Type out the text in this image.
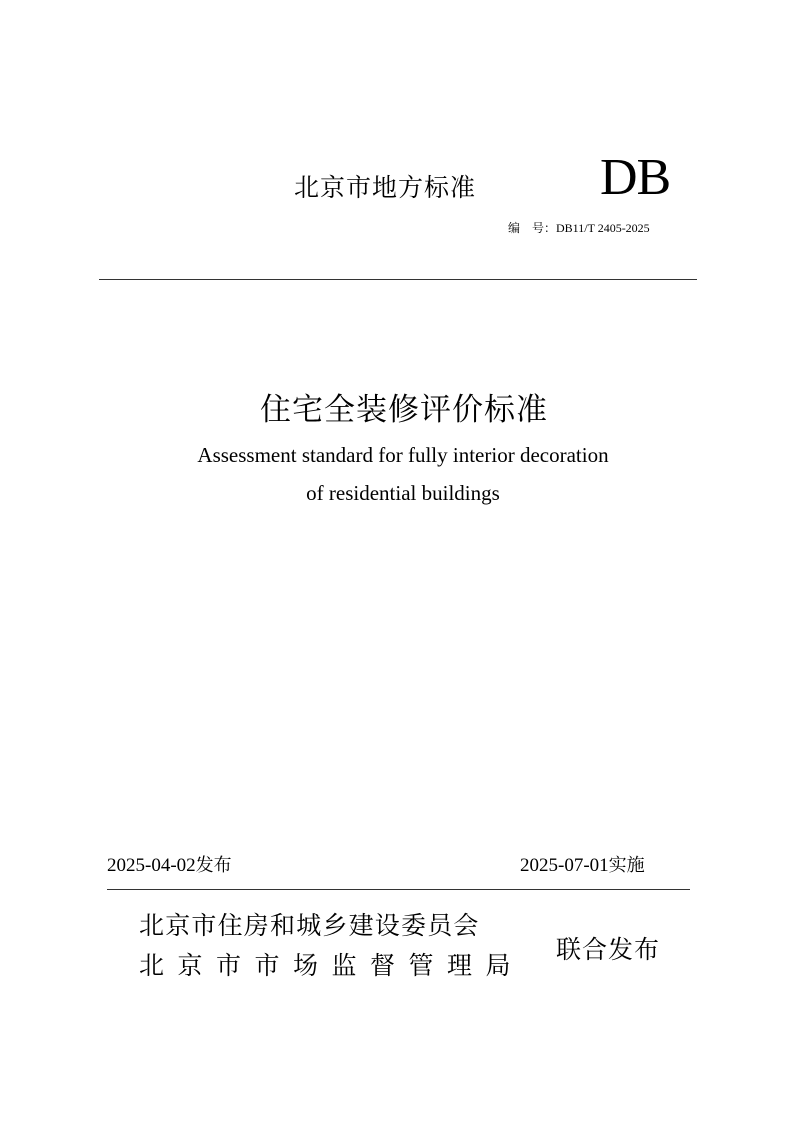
北京市地方标准 DB
编　号：DB11/T 2405-2025
住宅全装修评价标准
Assessment standard for fully interior decoration
of residential buildings
2025-04-02发布	2025-07-01实施
北京市住房和城乡建设委员会
北京市市场监督管理局
联合发布
